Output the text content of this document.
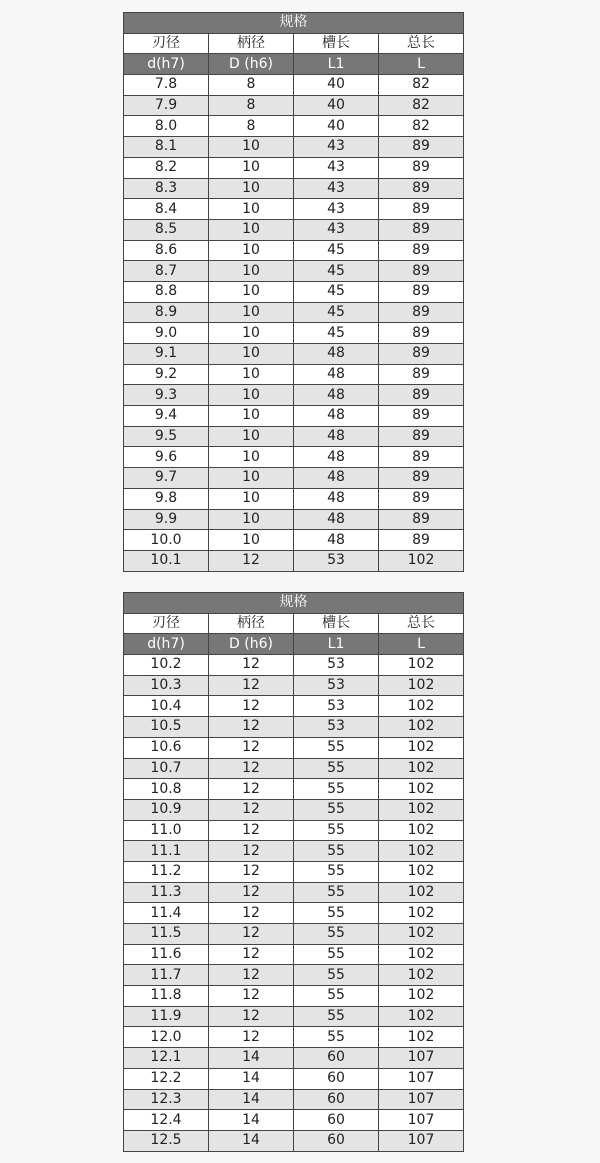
规格			
刃径	柄径	槽长	总长
d(h7)	D (h6)	L1	L
7.8	8	40	82
7.9	8	40	82
8.0	8	40	82
8.1	10	43	89
8.2	10	43	89
8.3	10	43	89
8.4	10	43	89
8.5	10	43	89
8.6	10	45	89
8.7	10	45	89
8.8	10	45	89
8.9	10	45	89
9.0	10	45	89
9.1	10	48	89
9.2	10	48	89
9.3	10	48	89
9.4	10	48	89
9.5	10	48	89
9.6	10	48	89
9.7	10	48	89
9.8	10	48	89
9.9	10	48	89
10.0	10	48	89
10.1	12	53	102
规格			
刃径	柄径	槽长	总长
d(h7)	D (h6)	L1	L
10.2	12	53	102
10.3	12	53	102
10.4	12	53	102
10.5	12	53	102
10.6	12	55	102
10.7	12	55	102
10.8	12	55	102
10.9	12	55	102
11.0	12	55	102
11.1	12	55	102
11.2	12	55	102
11.3	12	55	102
11.4	12	55	102
11.5	12	55	102
11.6	12	55	102
11.7	12	55	102
11.8	12	55	102
11.9	12	55	102
12.0	12	55	102
12.1	14	60	107
12.2	14	60	107
12.3	14	60	107
12.4	14	60	107
12.5	14	60	107
